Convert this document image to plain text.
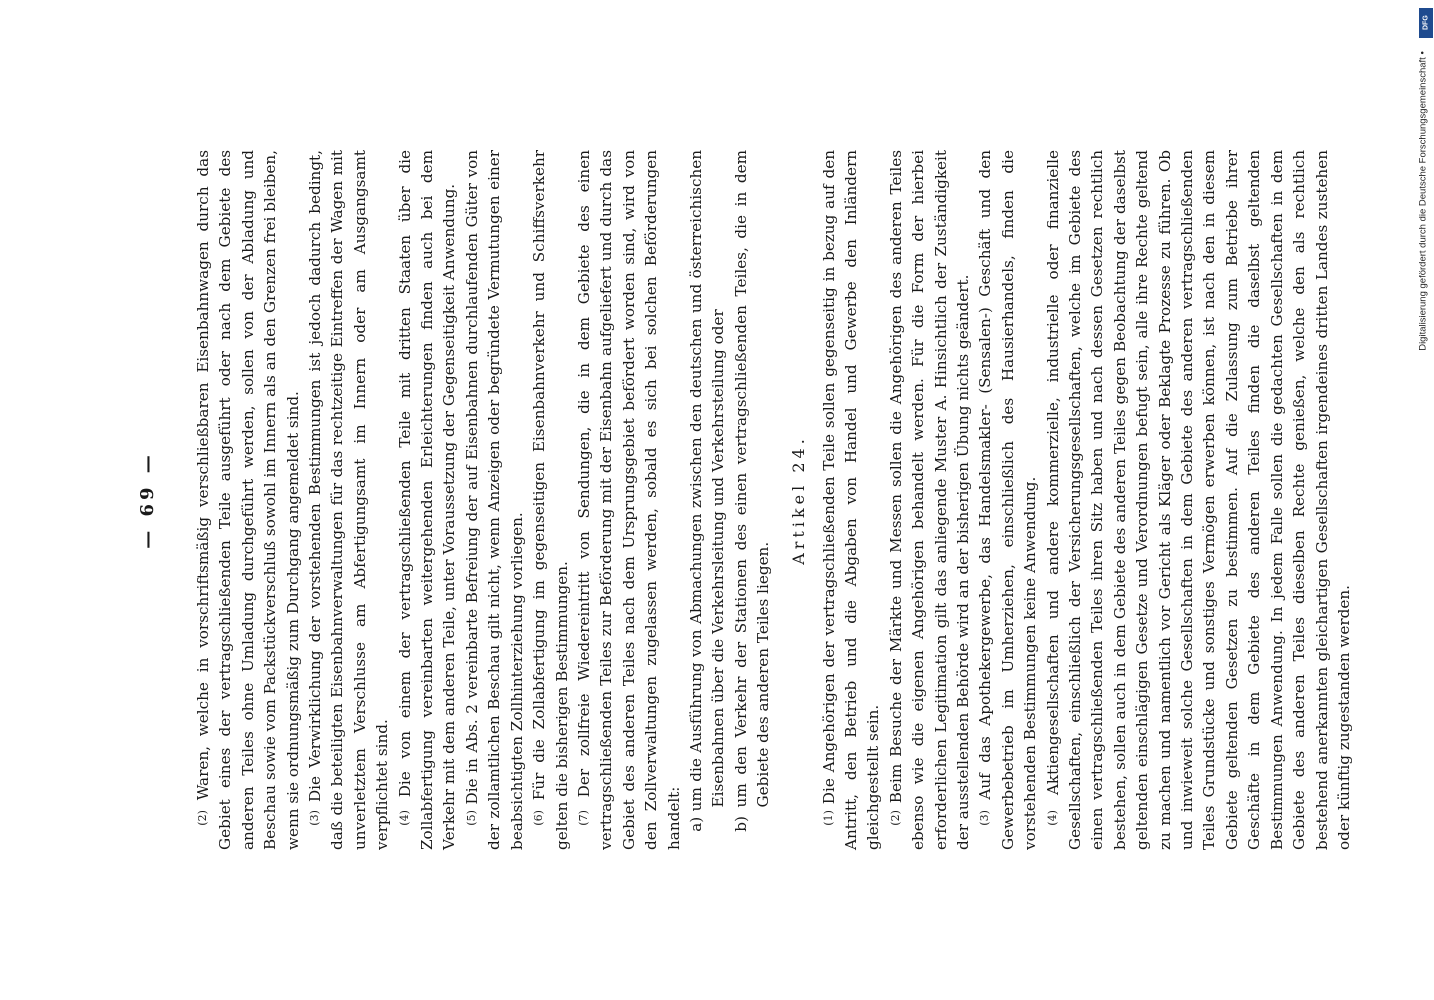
— 69 —

(2) Waren, welche in vorschriftsmäßig verschließbaren Eisenbahnwagen durch das Gebiet eines der vertragschließenden Teile ausgeführt oder nach dem Gebiete des anderen Teiles ohne Umladung durchgeführt werden, sollen von der Abladung und Beschau sowie vom Packstückverschluß sowohl im Innern als an den Grenzen frei bleiben, wenn sie ordnungsmäßig zum Durchgang angemeldet sind. (3) Die Verwirklichung der vorstehenden Bestimmungen ist jedoch dadurch bedingt, daß die beteiligten Eisenbahnverwaltungen für das rechtzeitige Eintreffen der Wagen mit unverletztem Verschlusse am Abfertigungsamt im Innern oder am Ausgangsamt verpflichtet sind. (4) Die von einem der vertragschließenden Teile mit dritten Staaten über die Zollabfertigung vereinbarten weitergehenden Erleichterungen finden auch bei dem Verkehr mit dem anderen Teile, unter Voraussetzung der Gegenseitigkeit Anwendung. (5) Die in Abs. 2 vereinbarte Befreiung der auf Eisenbahnen durchlaufenden Güter von der zollamtlichen Beschau gilt nicht, wenn Anzeigen oder begründete Vermutungen einer beabsichtigten Zollhinterziehung vorliegen. (6) Für die Zollabfertigung im gegenseitigen Eisenbahnverkehr und Schiffsverkehr gelten die bisherigen Bestimmungen. (7) Der zollfreie Wiedereintritt von Sendungen, die in dem Gebiete des einen vertragschließenden Teiles zur Beförderung mit der Eisenbahn aufgeliefert und durch das Gebiet des anderen Teiles nach dem Ursprungsgebiet befördert worden sind, wird von den Zollverwaltungen zugelassen werden, sobald es sich bei solchen Beförderungen handelt: a) um die Ausführung von Abmachungen zwischen den deutschen und österreichischen Eisenbahnen über die Verkehrsleitung und Verkehrsteilung oder
b) um den Verkehr der Stationen des einen vertragschließenden Teiles, die in dem Gebiete des anderen Teiles liegen.
Artikel 24.

(1) Die Angehörigen der vertragschließenden Teile sollen gegenseitig in bezug auf den Antritt, den Betrieb und die Abgaben von Handel und Gewerbe den Inländern gleichgestellt sein. (2) Beim Besuche der Märkte und Messen sollen die Angehörigen des anderen Teiles ebenso wie die eigenen Angehörigen behandelt werden. Für die Form der hierbei erforderlichen Legitimation gilt das anliegende Muster A. Hinsichtlich der Zuständigkeit der ausstellenden Behörde wird an der bisherigen Übung nichts geändert. (3) Auf das Apothekergewerbe, das Handelsmakler- (Sensalen-) Geschäft und den Gewerbebetrieb im Umherziehen, einschließlich des Hausierhandels, finden die vorstehenden Bestimmungen keine Anwendung. (4) Aktiengesellschaften und andere kommerzielle, industrielle oder finanzielle Gesellschaften, einschließlich der Versicherungsgesellschaften, welche im Gebiete des einen vertragschließenden Teiles ihren Sitz haben und nach dessen Gesetzen rechtlich bestehen, sollen auch in dem Gebiete des anderen Teiles gegen Beobachtung der daselbst geltenden einschlägigen Gesetze und Verordnungen befugt sein, alle ihre Rechte geltend zu machen und namentlich vor Gericht als Kläger oder Beklagte Prozesse zu führen. Ob und inwieweit solche Gesellschaften in dem Gebiete des anderen vertragschließenden Teiles Grundstücke und sonstiges Vermögen erwerben können, ist nach den in diesem Gebiete geltenden Gesetzen zu bestimmen. Auf die Zulassung zum Betriebe ihrer Geschäfte in dem Gebiete des anderen Teiles finden die daselbst geltenden Bestimmungen Anwendung. In jedem Falle sollen die gedachten Gesellschaften in dem Gebiete des anderen Teiles dieselben Rechte genießen, welche den als rechtlich bestehend anerkannten gleichartigen Gesellschaften irgendeines dritten Landes zustehen oder künftig zugestanden werden.

Digitalisierung gefördert durch die Deutsche Forschungsgemeinschaft •
DFG
